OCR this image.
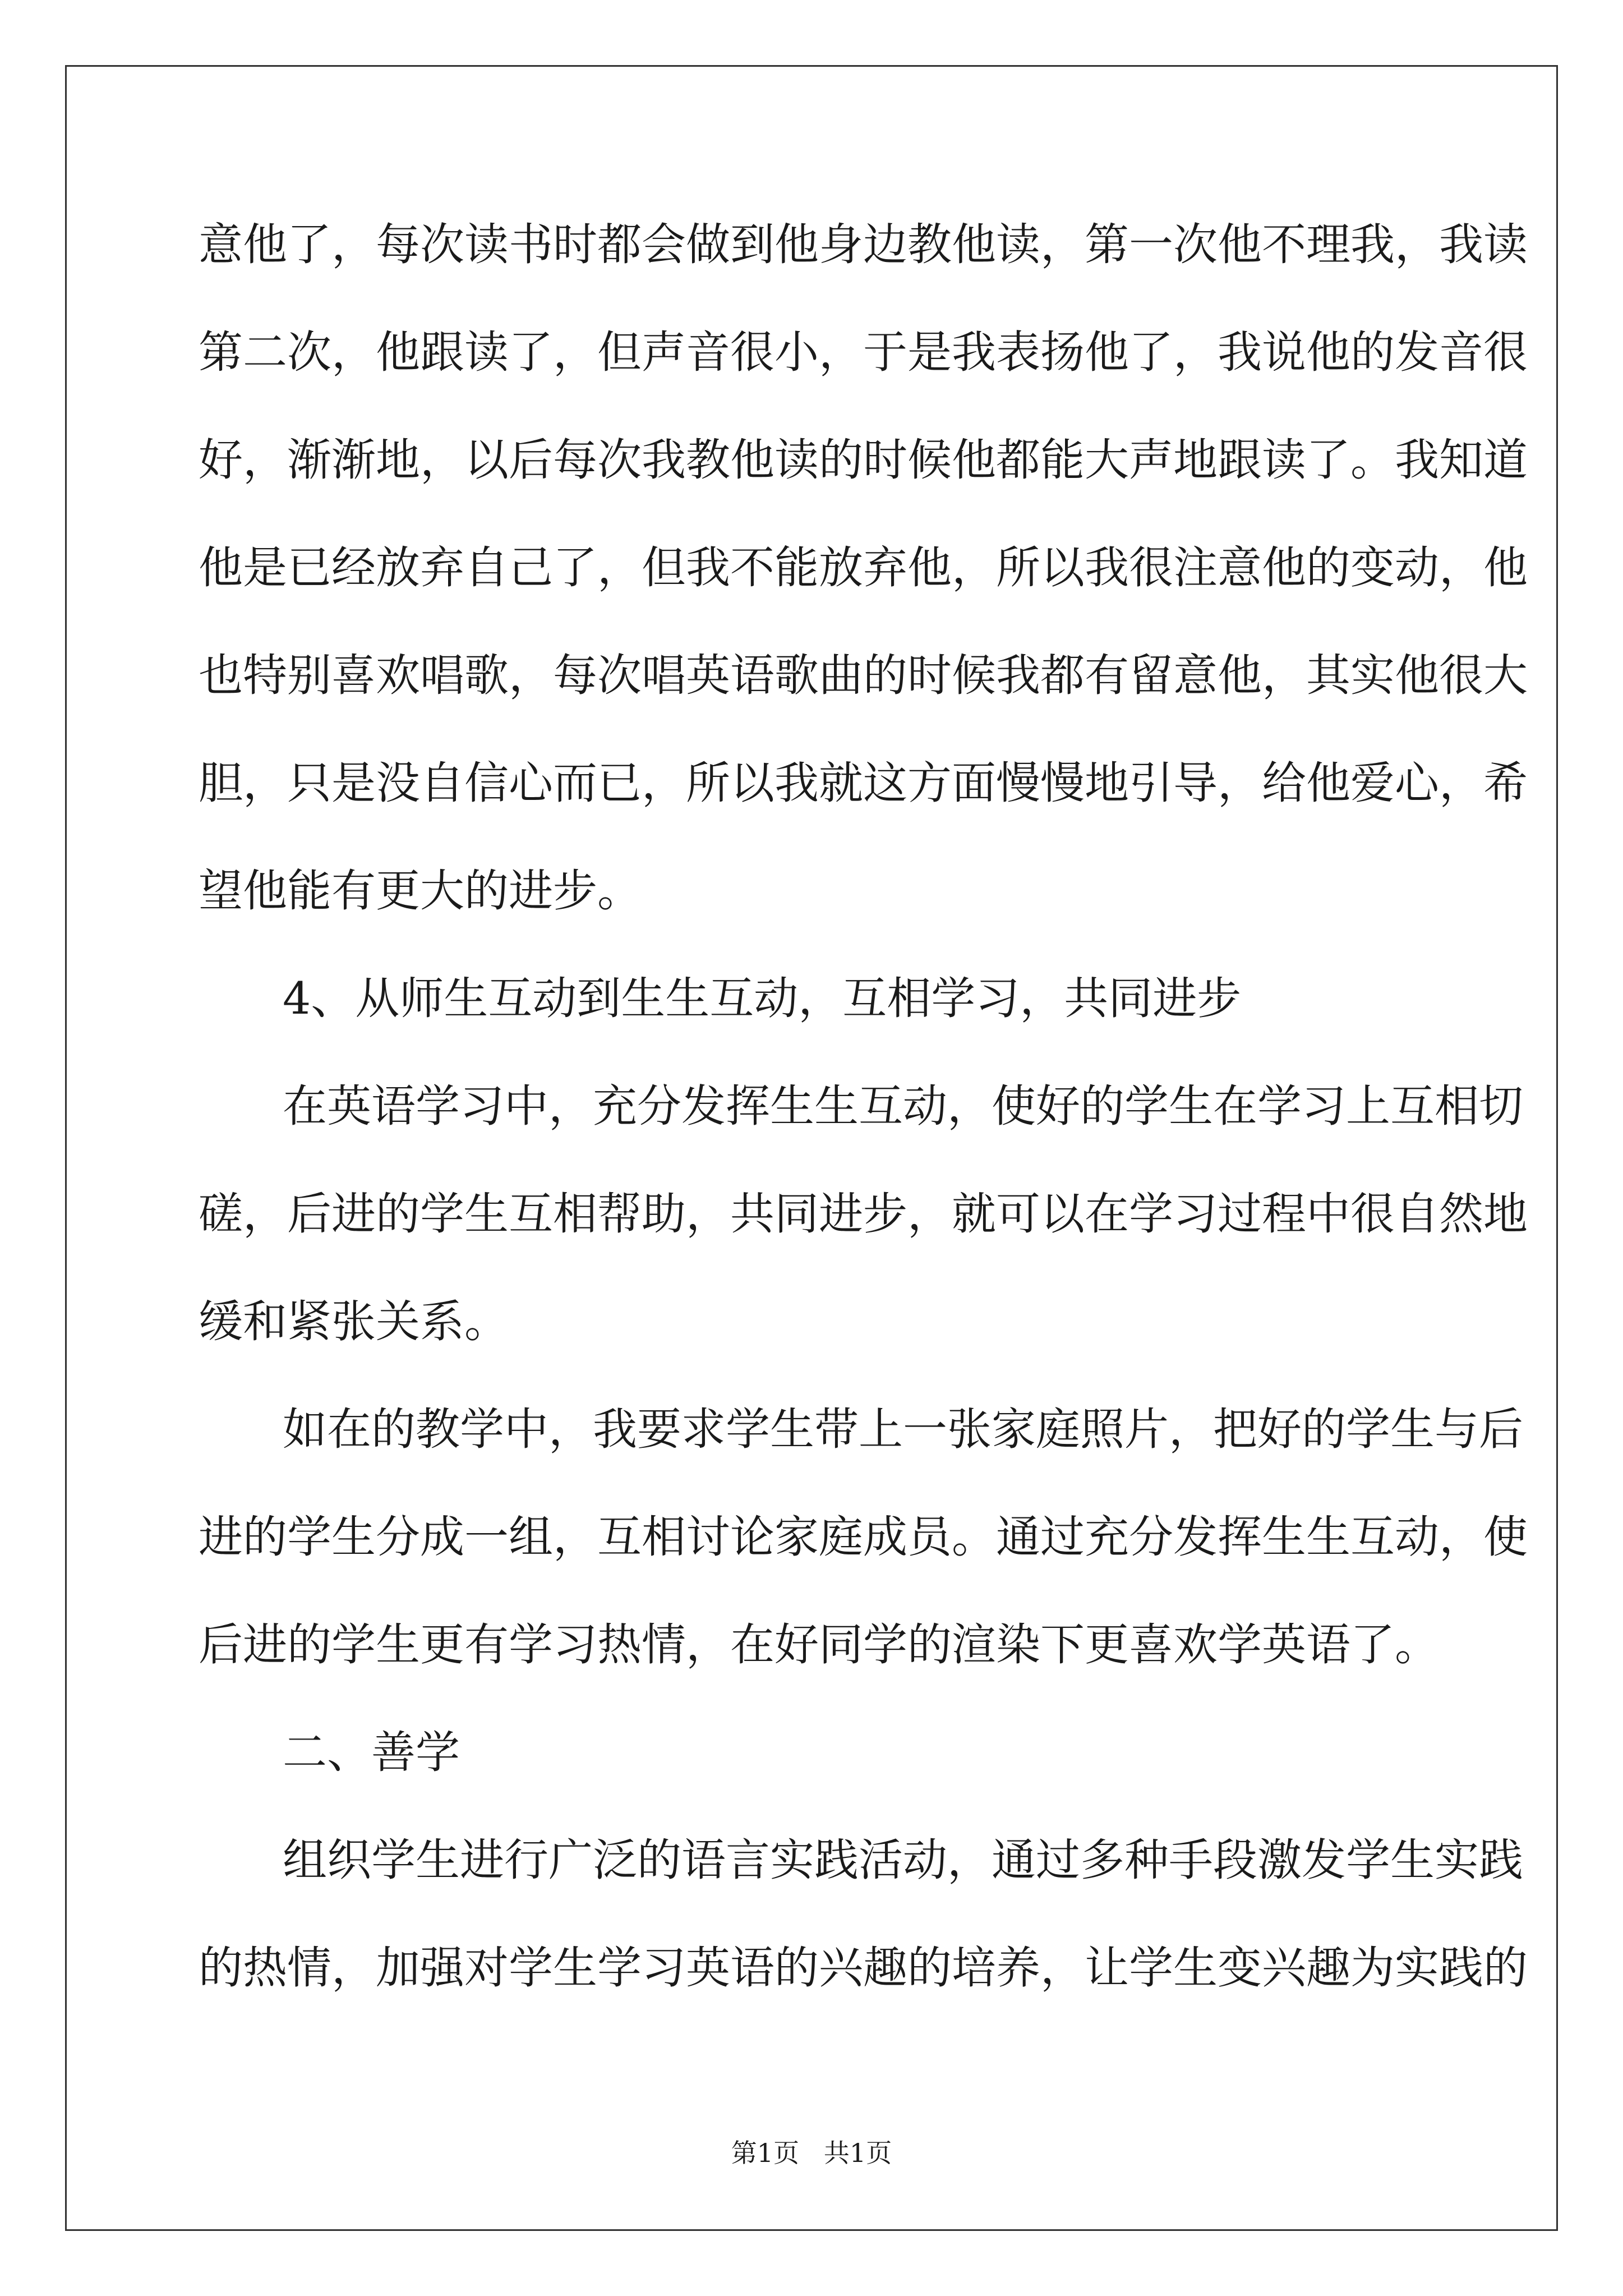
意他了，每次读书时都会做到他身边教他读，第一次他不理我，我读

第二次，他跟读了，但声音很小，于是我表扬他了，我说他的发音很

好，渐渐地，以后每次我教他读的时候他都能大声地跟读了。我知道

他是已经放弃自己了，但我不能放弃他，所以我很注意他的变动，他

也特别喜欢唱歌，每次唱英语歌曲的时候我都有留意他，其实他很大

胆，只是没自信心而已，所以我就这方面慢慢地引导，给他爱心，希

望他能有更大的进步。

4、从师生互动到生生互动，互相学习，共同进步

在英语学习中，充分发挥生生互动，使好的学生在学习上互相切

磋，后进的学生互相帮助，共同进步，就可以在学习过程中很自然地

缓和紧张关系。

如在的教学中，我要求学生带上一张家庭照片，把好的学生与后

进的学生分成一组，互相讨论家庭成员。通过充分发挥生生互动，使

后进的学生更有学习热情，在好同学的渲染下更喜欢学英语了。

二、善学

组织学生进行广泛的语言实践活动，通过多种手段激发学生实践

的热情，加强对学生学习英语的兴趣的培养，让学生变兴趣为实践的

第1页   共1页
